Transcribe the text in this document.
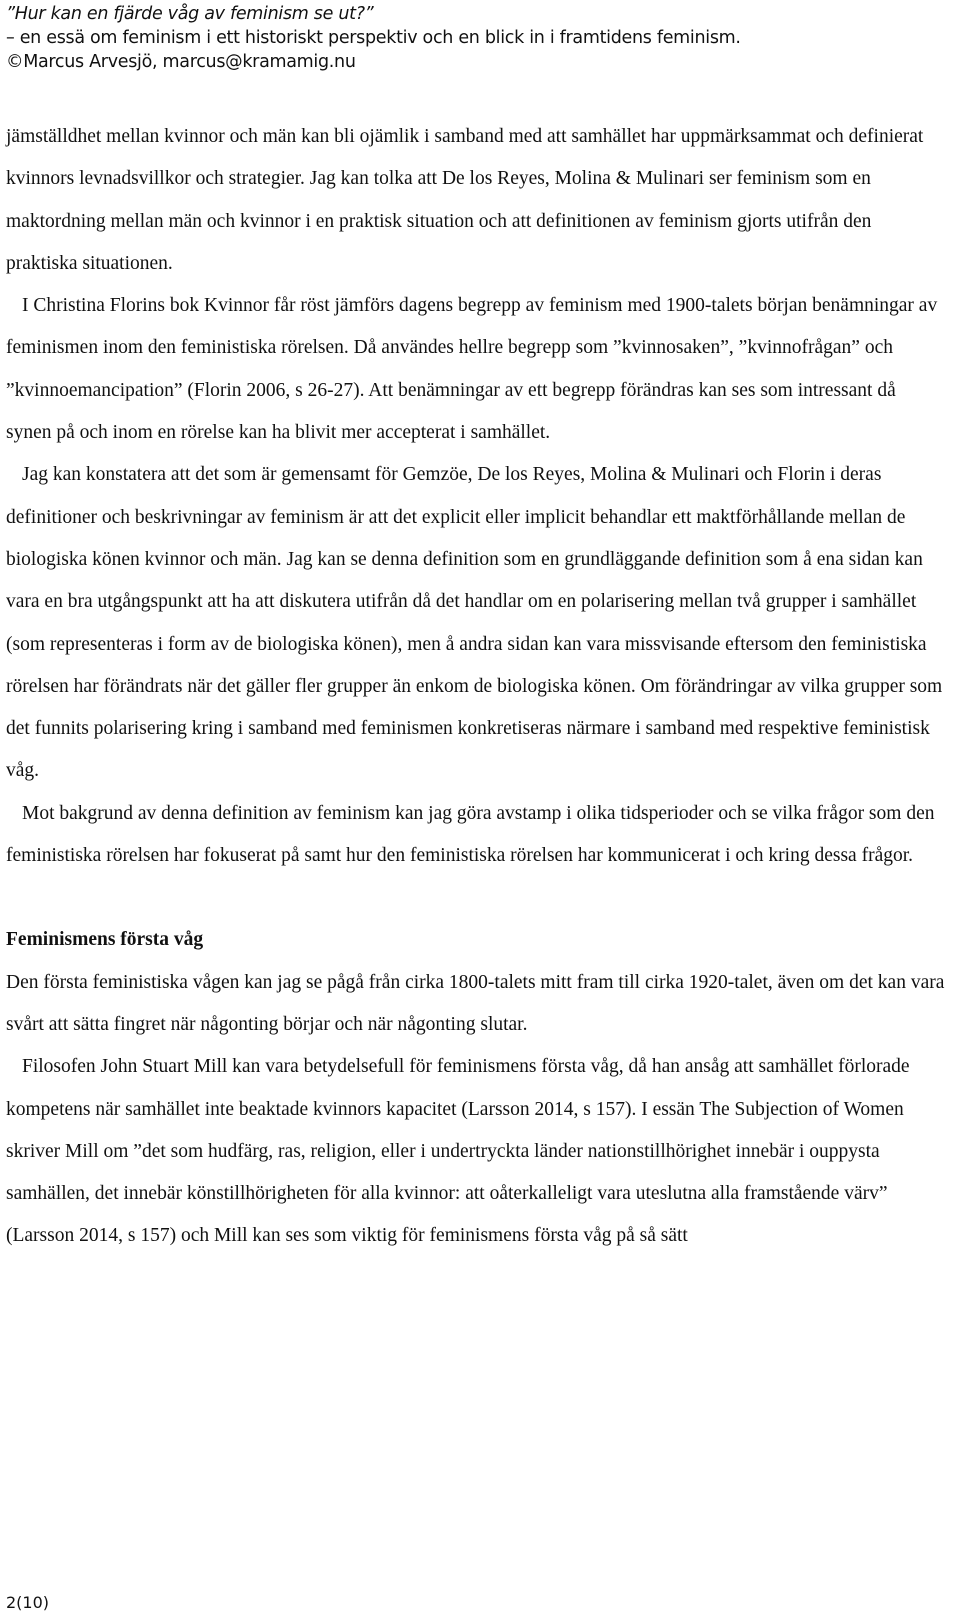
”Hur kan en fjärde våg av feminism se ut?”
– en essä om feminism i ett historiskt perspektiv och en blick in i framtidens feminism.
©Marcus Arvesjö, marcus@kramamig.nu

jämställdhet mellan kvinnor och män kan bli ojämlik i samband med att samhället har uppmärksammat och definierat kvinnors levnadsvillkor och strategier. Jag kan tolka att De los Reyes, Molina & Mulinari ser feminism som en maktordning mellan män och kvinnor i en praktisk situation och att definitionen av feminism gjorts utifrån den praktiska situationen.

I Christina Florins bok Kvinnor får röst jämförs dagens begrepp av feminism med 1900-talets början benämningar av feminismen inom den feministiska rörelsen. Då användes hellre begrepp som ”kvinnosaken”, ”kvinnofrågan” och ”kvinnoemancipation” (Florin 2006, s 26-27). Att benämningar av ett begrepp förändras kan ses som intressant då synen på och inom en rörelse kan ha blivit mer accepterat i samhället.

Jag kan konstatera att det som är gemensamt för Gemzöe, De los Reyes, Molina & Mulinari och Florin i deras definitioner och beskrivningar av feminism är att det explicit eller implicit behandlar ett maktförhållande mellan de biologiska könen kvinnor och män. Jag kan se denna definition som en grundläggande definition som å ena sidan kan vara en bra utgångspunkt att ha att diskutera utifrån då det handlar om en polarisering mellan två grupper i samhället (som representeras i form av de biologiska könen), men å andra sidan kan vara missvisande eftersom den feministiska rörelsen har förändrats när det gäller fler grupper än enkom de biologiska könen. Om förändringar av vilka grupper som det funnits polarisering kring i samband med feminismen konkretiseras närmare i samband med respektive feministisk våg.

Mot bakgrund av denna definition av feminism kan jag göra avstamp i olika tidsperioder och se vilka frågor som den feministiska rörelsen har fokuserat på samt hur den feministiska rörelsen har kommunicerat i och kring dessa frågor.

Feminismens första våg

Den första feministiska vågen kan jag se pågå från cirka 1800-talets mitt fram till cirka 1920-talet, även om det kan vara svårt att sätta fingret när någonting börjar och när någonting slutar.

Filosofen John Stuart Mill kan vara betydelsefull för feminismens första våg, då han ansåg att samhället förlorade kompetens när samhället inte beaktade kvinnors kapacitet (Larsson 2014, s 157). I essän The Subjection of Women skriver Mill om ”det som hudfärg, ras, religion, eller i undertryckta länder nationstillhörighet innebär i ouppysta samhällen, det innebär könstillhörigheten för alla kvinnor: att oåterkalleligt vara uteslutna alla framstående värv” (Larsson 2014, s 157) och Mill kan ses som viktig för feminismens första våg på så sätt

2(10)
